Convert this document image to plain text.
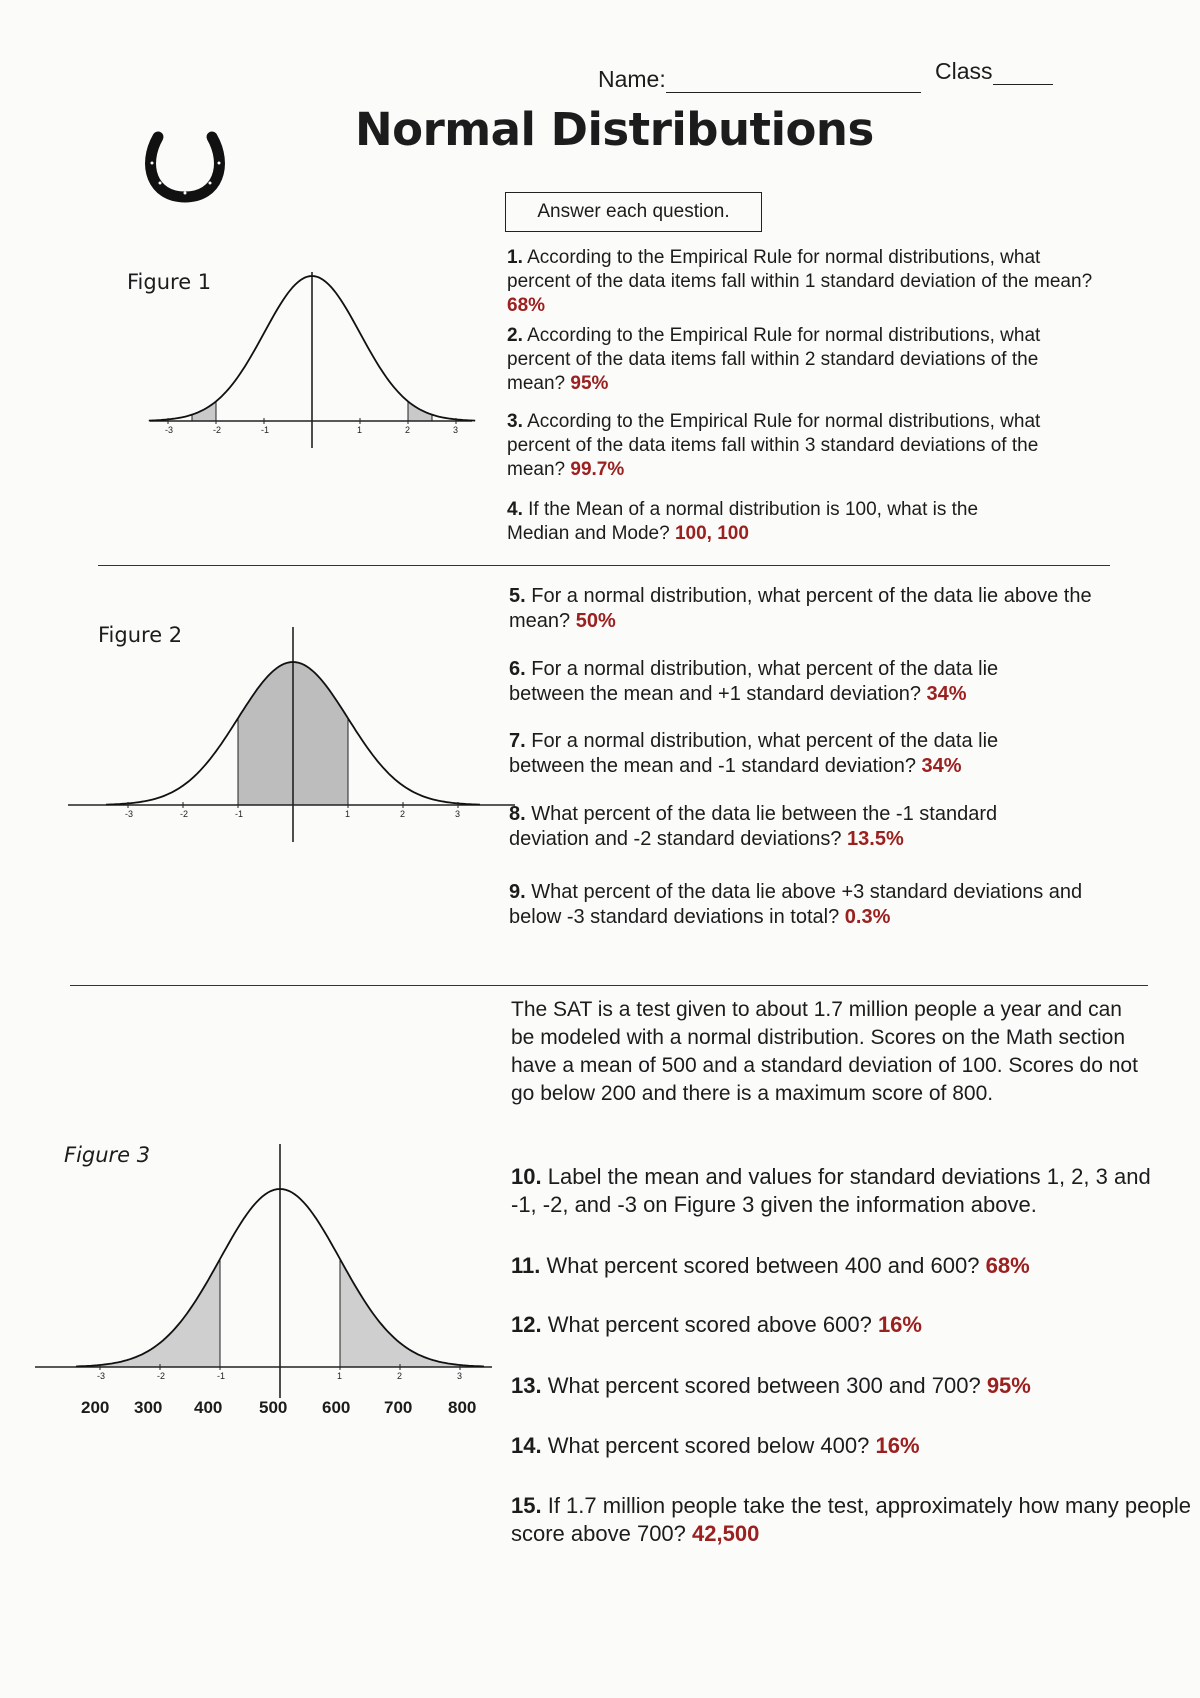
Name:	Class
Normal Distributions
Answer each question.
Figure 1
-3	-2	-1	1	2	3
-3	-2	-1	1	2	3
-3	-2	-1	1	2	3
200 300 400 500 600 700 800
1. According to the Empirical Rule for normal distributions, what percent of the data items fall within 1 standard deviation of the mean? 68%
2. According to the Empirical Rule for normal distributions, what percent of the data items fall within 2 standard deviations of the mean? 95%
3. According to the Empirical Rule for normal distributions, what percent of the data items fall within 3 standard deviations of the mean? 99.7%
4. If the Mean of a normal distribution is 100, what is the Median and Mode? 100, 100
Figure 2
5. For a normal distribution, what percent of the data lie above the mean? 50%
6. For a normal distribution, what percent of the data lie between the mean and +1 standard deviation? 34%
7. For a normal distribution, what percent of the data lie between the mean and -1 standard deviation? 34%
8. What percent of the data lie between the -1 standard deviation and -2 standard deviations? 13.5%
9. What percent of the data lie above +3 standard deviations and below -3 standard deviations in total? 0.3%
The SAT is a test given to about 1.7 million people a year and can be modeled with a normal distribution. Scores on the Math section have a mean of 500 and a standard deviation of 100. Scores do not go below 200 and there is a maximum score of 800.
Figure 3
10. Label the mean and values for standard deviations 1, 2, 3 and -1, -2, and -3 on Figure 3 given the information above.
11. What percent scored between 400 and 600? 68%
12. What percent scored above 600? 16%
13. What percent scored between 300 and 700? 95%
14. What percent scored below 400? 16%
15. If 1.7 million people take the test, approximately how many people score above 700? 42,500
